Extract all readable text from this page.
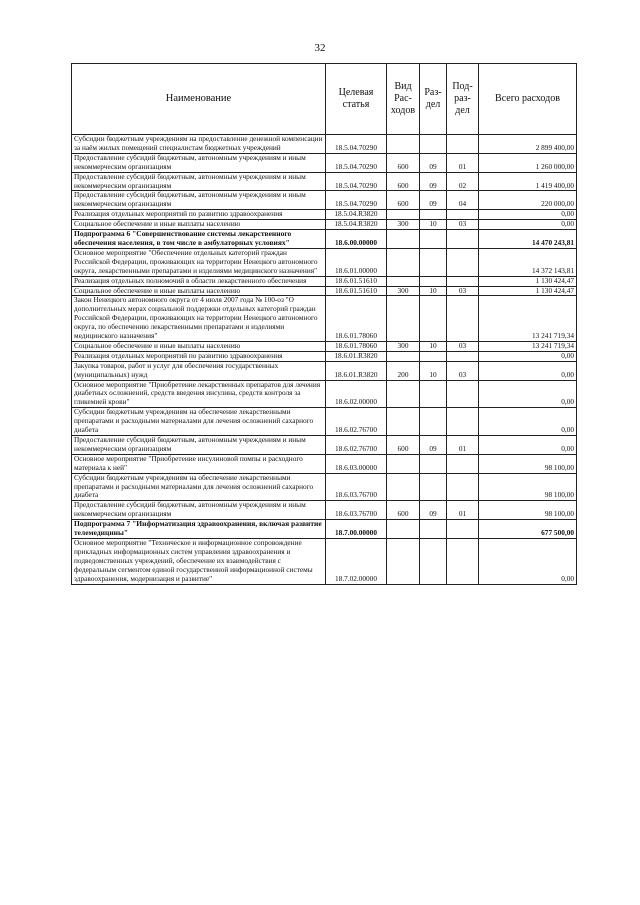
32
Наименование	Целевая статья	Вид Рас-ходов	Раз-дел	Под-раз-дел	Всего расходов
Субсидии бюджетным учреждениям на предоставление денежной компенсации за наём жилых помещений специалистам бюджетных учреждений	18.5.04.70290				2 899 400,00
Предоставление субсидий бюджетным, автономным учреждениям и иным некоммерческим организациям	18.5.04.70290	600	09	01	1 260 000,00
Предоставление субсидий бюджетным, автономным учреждениям и иным некоммерческим организациям	18.5.04.70290	600	09	02	1 419 400,00
Предоставление субсидий бюджетным, автономным учреждениям и иным некоммерческим организациям	18.5.04.70290	600	09	04	220 000,00
Реализация отдельных мероприятий по развитию здравоохранения	18.5.04.R3820				0,00
Социальное обеспечение и иные выплаты населению	18.5.04.R3820	300	10	03	0,00
Подпрограмма 6 "Совершенствование системы лекарственного обеспечения населения, в том числе в амбулаторных условиях"	18.6.00.00000				14 470 243,81
Основное мероприятие "Обеспечение отдельных категорий граждан Российской Федерации, проживающих на территории Ненецкого автономного округа, лекарственными препаратами и изделиями медицинского назначения"	18.6.01.00000				14 372 143,81
Реализация отдельных полномочий в области лекарственного обеспечения	18.6.01.51610				1 130 424,47
Социальное обеспечение и иные выплаты населению	18.6.01.51610	300	10	03	1 130 424,47
Закон Ненецкого автономного округа от 4 июля 2007 года № 100-оз "О дополнительных мерах социальной поддержки отдельных категорий граждан Российской Федерации, проживающих на территории Ненецкого автономного округа, по обеспечению лекарственными препаратами и изделиями медицинского назначения"	18.6.01.78060				13 241 719,34
Социальное обеспечение и иные выплаты населению	18.6.01.78060	300	10	03	13 241 719,34
Реализация отдельных мероприятий по развитию здравоохранения	18.6.01.R3820				0,00
Закупка товаров, работ и услуг для обеспечения государственных (муниципальных) нужд	18.6.01.R3820	200	10	03	0,00
Основное мероприятие "Приобретение лекарственных препаратов для лечения диабетных осложнений, средств введения инсулина, средств контроля за гликемией крови"	18.6.02.00000				0,00
Субсидии бюджетным учреждениям на обеспечение лекарственными препаратами и расходными материалами для лечения осложнений сахарного диабета	18.6.02.76700				0,00
Предоставление субсидий бюджетным, автономным учреждениям и иным некоммерческим организациям	18.6.02.76700	600	09	01	0,00
Основное мероприятие "Приобретение инсулиновой помпы и расходного материала к ней"	18.6.03.00000				98 100,00
Субсидии бюджетным учреждениям на обеспечение лекарственными препаратами и расходными материалами для лечения осложнений сахарного диабета	18.6.03.76700				98 100,00
Предоставление субсидий бюджетным, автономным учреждениям и иным некоммерческим организациям	18.6.03.76700	600	09	01	98 100,00
Подпрограмма 7 "Информатизация здравоохранения, включая развитие телемедицины"	18.7.00.00000				677 500,00
Основное мероприятие "Техническое и информационное сопровождение прикладных информационных систем управления здравоохранения и подведомственных учреждений, обеспечение их взаимодействия с федеральным сегментом единой государственной информационной системы здравоохранения, модернизация и развитие"	18.7.02.00000				0,00
